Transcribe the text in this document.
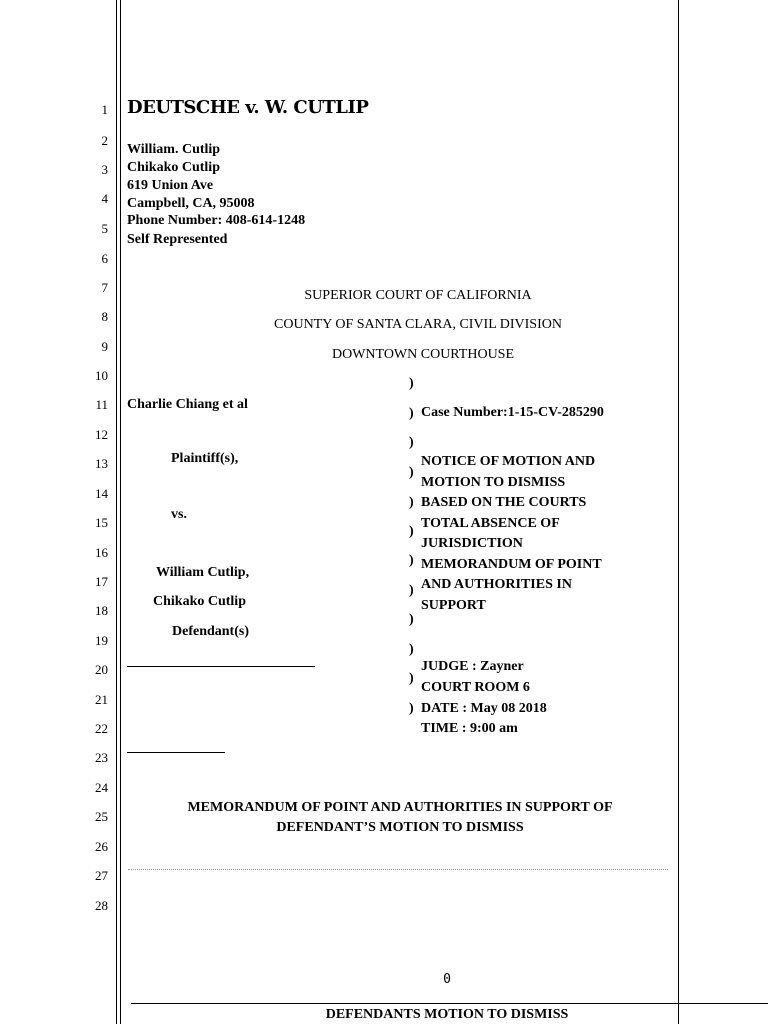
1
2
3
4
5
6
7
8
9
10
11
12
13
14
15
16
17
18
19
20
21
22
23
24
25
26
27
28
DEUTSCHE v. W. CUTLIP
William. Cutlip
Chikako Cutlip
619 Union Ave
Campbell, CA, 95008
Phone Number: 408-614-1248
Self Represented
SUPERIOR COURT OF CALIFORNIA
COUNTY OF SANTA CLARA, CIVIL DIVISION
DOWNTOWN COURTHOUSE
Charlie Chiang et al
Plaintiff(s),
vs.
William Cutlip,
Chikako Cutlip
Defendant(s)
)
)
)
)
)
)
)
)
)
)
)
)
Case Number:1-15-CV-285290
NOTICE OF MOTION AND
MOTION TO DISMISS
BASED ON THE COURTS
TOTAL ABSENCE OF
JURISDICTION
MEMORANDUM OF POINT
AND AUTHORITIES IN
SUPPORT
JUDGE : Zayner
COURT ROOM 6
DATE : May 08 2018
TIME : 9:00 am
MEMORANDUM OF POINT AND AUTHORITIES IN SUPPORT OF
DEFENDANT’S MOTION TO DISMISS
0
DEFENDANTS MOTION TO DISMISS
